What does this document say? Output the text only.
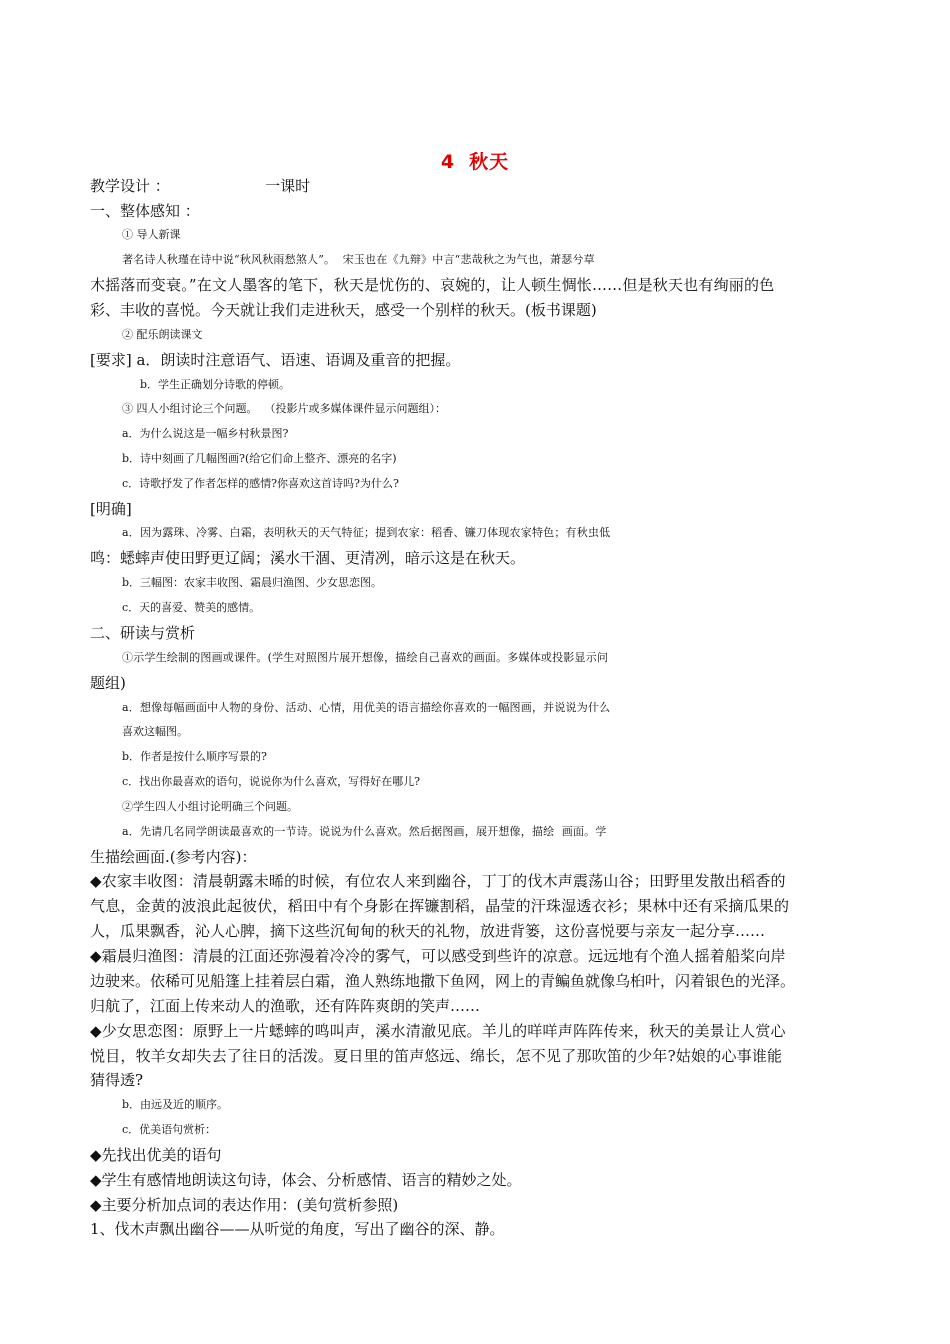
4 秋天
教学设计 ：                    一课时
一、整体感知 ：
① 导人新课
著名诗人秋瑾在诗中说“秋风秋雨愁煞人”。  宋玉也在《九辩》中言“悲哉秋之为气也，萧瑟兮草
木摇落而变衰。”在文人墨客的笔下，秋天是忧伤的、哀婉的，让人顿生惆怅……但是秋天也有绚丽的色
彩、丰收的喜悦。今天就让我们走进秋天，感受一个别样的秋天。(板书课题)
② 配乐朗读课文
[要求] a．朗读时注意语气、语速、语调及重音的把握。
b．学生正确划分诗歌的停顿。
③ 四人小组讨论三个问题。  （投影片或多媒体课件显示问题组）：
a．为什么说这是一幅乡村秋景图?
b．诗中刻画了几幅图画?(给它们命上整齐、漂亮的名字)
c．诗歌抒发了作者怎样的感情?你喜欢这首诗吗?为什么?
[明确]
a．因为露珠、冷雾、白霜，表明秋天的天气特征；提到农家：稻香、镰刀体现农家特色；有秋虫低
鸣：蟋蟀声使田野更辽阔；溪水干涸、更清冽，暗示这是在秋天。
b．三幅图：农家丰收图、霜晨归渔图、少女思恋图。
c．天的喜爱、赞美的感情。
二、研读与赏析
①示学生绘制的图画或课件。(学生对照图片展开想像，描绘自己喜欢的画面。多媒体或投影显示问
题组)
a．想像每幅画面中人物的身份、活动、心情，用优美的语言描绘你喜欢的一幅图画，并说说为什么
喜欢这幅图。
b．作者是按什么顺序写景的?
c．找出你最喜欢的语句，说说你为什么喜欢，写得好在哪儿?
②学生四人小组讨论明确三个问题。
a．先请几名同学朗读最喜欢的一节诗。说说为什么喜欢。然后据图画，展开想像，描绘  画面。学
生描绘画面.(参考内容)：
◆农家丰收图：清晨朝露未晞的时候，有位农人来到幽谷，丁丁的伐木声震荡山谷；田野里发散出稻香的
气息，金黄的波浪此起彼伏，稻田中有个身影在挥镰割稻，晶莹的汗珠湿透衣衫；果林中还有采摘瓜果的
人，瓜果飘香，沁人心脾，摘下这些沉甸甸的秋天的礼物，放进背篓，这份喜悦要与亲友一起分享……
◆霜晨归渔图：清晨的江面还弥漫着冷冷的雾气，可以感受到些许的凉意。远远地有个渔人摇着船桨向岸
边驶来。依稀可见船篷上挂着层白霜，渔人熟练地撒下鱼网，网上的青鳊鱼就像乌桕叶，闪着银色的光泽。
归航了，江面上传来动人的渔歌，还有阵阵爽朗的笑声……
◆少女思恋图：原野上一片蟋蟀的鸣叫声，溪水清澈见底。羊儿的咩咩声阵阵传来，秋天的美景让人赏心
悦目，牧羊女却失去了往日的活泼。夏日里的笛声悠远、绵长，怎不见了那吹笛的少年?姑娘的心事谁能
猜得透?
b．由远及近的顺序。
c．优美语句赏析：
◆先找出优美的语句
◆学生有感情地朗读这句诗，体会、分析感情、语言的精妙之处。
◆主要分析加点词的表达作用：(美句赏析参照)
1、伐木声飘出幽谷——从听觉的角度，写出了幽谷的深、静。
